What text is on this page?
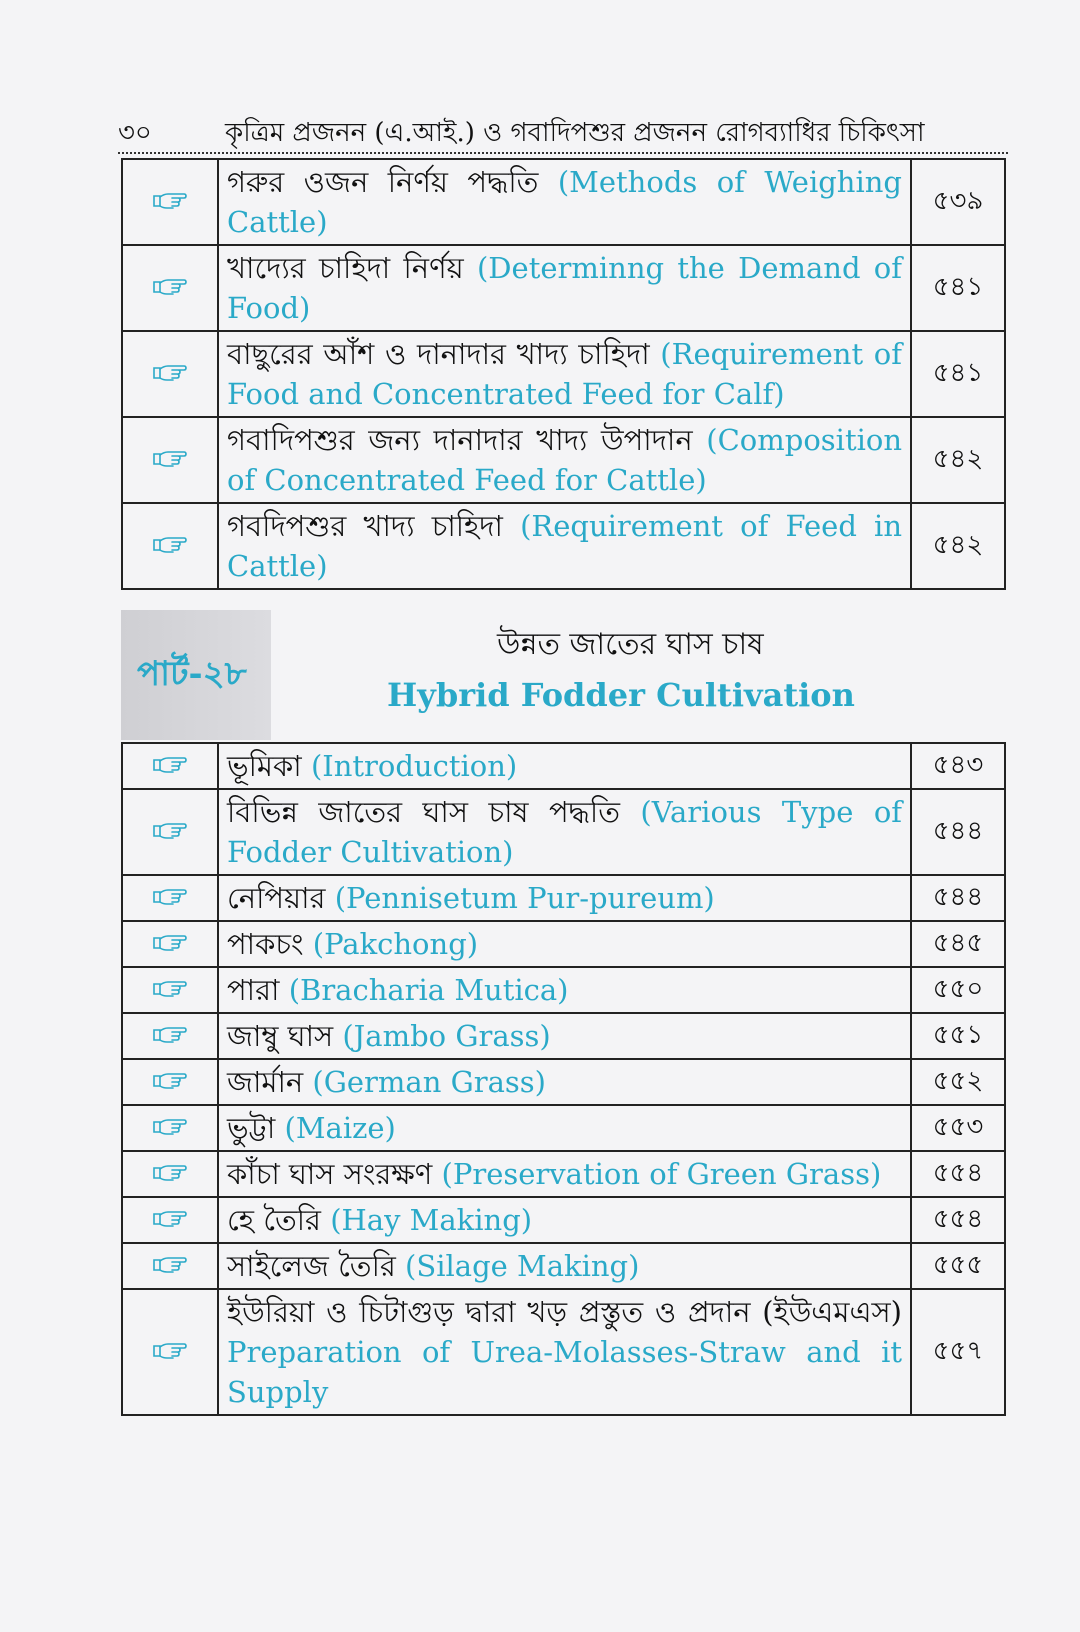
৩০	কৃত্রিম প্রজনন (এ.আই.) ও গবাদিপশুর প্রজনন রোগব্যাধির চিকিৎসা
	গরুর ওজন নির্ণয় পদ্ধতি (Methods of Weighing Cattle)	৫৩৯
	খাদ্যের চাহিদা নির্ণয় (Determinng the Demand of Food)	৫৪১
	বাছুরের আঁশ ও দানাদার খাদ্য চাহিদা (Requirement of Food and Concentrated Feed for Calf)	৫৪১
	গবাদিপশুর জন্য দানাদার খাদ্য উপাদান (Composition of Concentrated Feed for Cattle)	৫৪২
	গবদিপশুর খাদ্য চাহিদা (Requirement of Feed in Cattle)	৫৪২
পার্ট-২৮
উন্নত জাতের ঘাস চাষ
Hybrid Fodder Cultivation
	ভূমিকা (Introduction)	৫৪৩
	বিভিন্ন জাতের ঘাস চাষ পদ্ধতি (Various Type of Fodder Cultivation)	৫৪৪
	নেপিয়ার (Pennisetum Pur-pureum)	৫৪৪
	পাকচং (Pakchong)	৫৪৫
	পারা (Bracharia Mutica)	৫৫০
	জাম্বু ঘাস (Jambo Grass)	৫৫১
	জার্মান (German Grass)	৫৫২
	ভুট্টা (Maize)	৫৫৩
	কাঁচা ঘাস সংরক্ষণ (Preservation of Green Grass)	৫৫৪
	হে তৈরি (Hay Making)	৫৫৪
	সাইলেজ তৈরি (Silage Making)	৫৫৫
	ইউরিয়া ও চিটাগুড় দ্বারা খড় প্রস্তুত ও প্রদান (ইউএমএস) Preparation of Urea-Molasses-Straw and it Supply	৫৫৭
